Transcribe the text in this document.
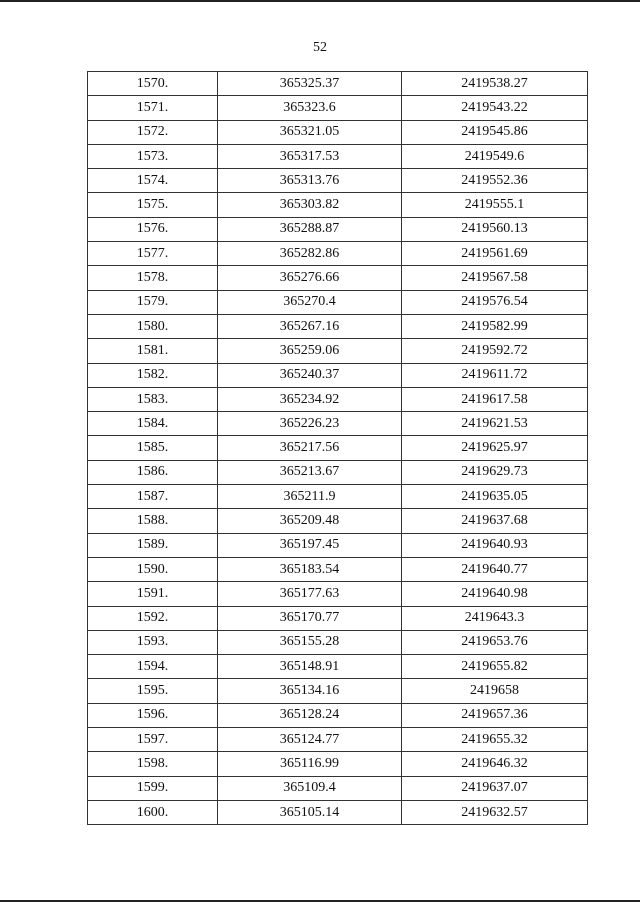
52
1570.	365325.37	2419538.27
1571.	365323.6	2419543.22
1572.	365321.05	2419545.86
1573.	365317.53	2419549.6
1574.	365313.76	2419552.36
1575.	365303.82	2419555.1
1576.	365288.87	2419560.13
1577.	365282.86	2419561.69
1578.	365276.66	2419567.58
1579.	365270.4	2419576.54
1580.	365267.16	2419582.99
1581.	365259.06	2419592.72
1582.	365240.37	2419611.72
1583.	365234.92	2419617.58
1584.	365226.23	2419621.53
1585.	365217.56	2419625.97
1586.	365213.67	2419629.73
1587.	365211.9	2419635.05
1588.	365209.48	2419637.68
1589.	365197.45	2419640.93
1590.	365183.54	2419640.77
1591.	365177.63	2419640.98
1592.	365170.77	2419643.3
1593.	365155.28	2419653.76
1594.	365148.91	2419655.82
1595.	365134.16	2419658
1596.	365128.24	2419657.36
1597.	365124.77	2419655.32
1598.	365116.99	2419646.32
1599.	365109.4	2419637.07
1600.	365105.14	2419632.57
